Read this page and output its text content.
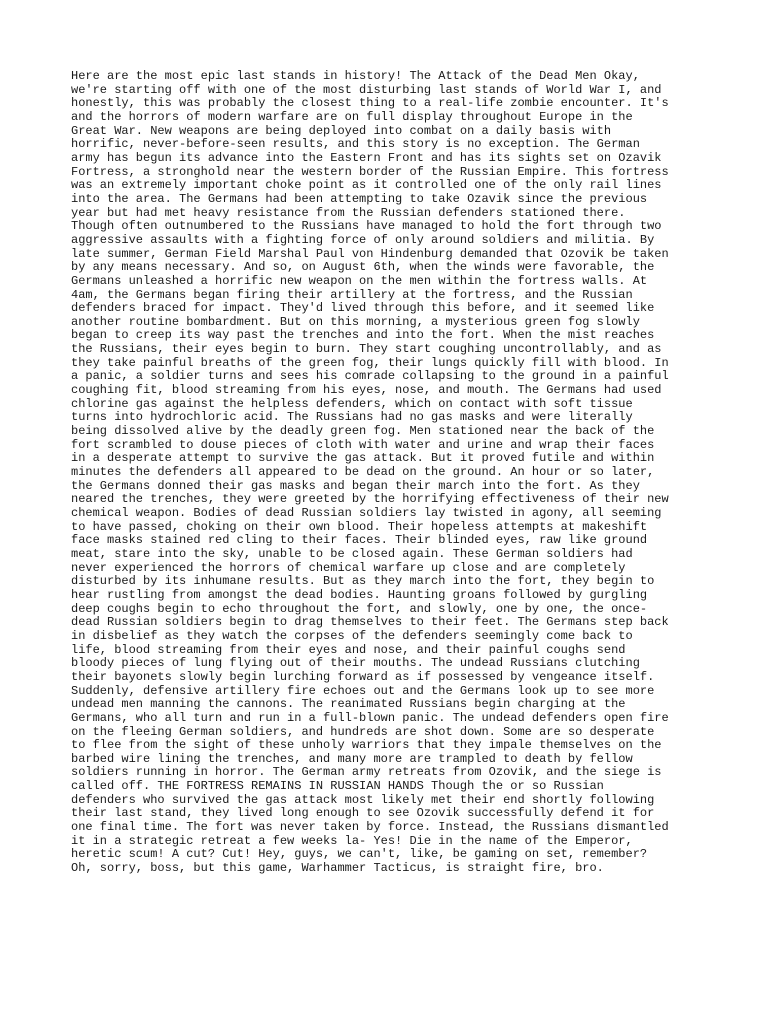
Here are the most epic last stands in history! The Attack of the Dead Men Okay,
we're starting off with one of the most disturbing last stands of World War I, and
honestly, this was probably the closest thing to a real-life zombie encounter. It's
and the horrors of modern warfare are on full display throughout Europe in the
Great War. New weapons are being deployed into combat on a daily basis with
horrific, never-before-seen results, and this story is no exception. The German
army has begun its advance into the Eastern Front and has its sights set on Ozavik
Fortress, a stronghold near the western border of the Russian Empire. This fortress
was an extremely important choke point as it controlled one of the only rail lines
into the area. The Germans had been attempting to take Ozavik since the previous
year but had met heavy resistance from the Russian defenders stationed there.
Though often outnumbered to the Russians have managed to hold the fort through two
aggressive assaults with a fighting force of only around soldiers and militia. By
late summer, German Field Marshal Paul von Hindenburg demanded that Ozovik be taken
by any means necessary. And so, on August 6th, when the winds were favorable, the
Germans unleashed a horrific new weapon on the men within the fortress walls. At
4am, the Germans began firing their artillery at the fortress, and the Russian
defenders braced for impact. They'd lived through this before, and it seemed like
another routine bombardment. But on this morning, a mysterious green fog slowly
began to creep its way past the trenches and into the fort. When the mist reaches
the Russians, their eyes begin to burn. They start coughing uncontrollably, and as
they take painful breaths of the green fog, their lungs quickly fill with blood. In
a panic, a soldier turns and sees his comrade collapsing to the ground in a painful
coughing fit, blood streaming from his eyes, nose, and mouth. The Germans had used
chlorine gas against the helpless defenders, which on contact with soft tissue
turns into hydrochloric acid. The Russians had no gas masks and were literally
being dissolved alive by the deadly green fog. Men stationed near the back of the
fort scrambled to douse pieces of cloth with water and urine and wrap their faces
in a desperate attempt to survive the gas attack. But it proved futile and within
minutes the defenders all appeared to be dead on the ground. An hour or so later,
the Germans donned their gas masks and began their march into the fort. As they
neared the trenches, they were greeted by the horrifying effectiveness of their new
chemical weapon. Bodies of dead Russian soldiers lay twisted in agony, all seeming
to have passed, choking on their own blood. Their hopeless attempts at makeshift
face masks stained red cling to their faces. Their blinded eyes, raw like ground
meat, stare into the sky, unable to be closed again. These German soldiers had
never experienced the horrors of chemical warfare up close and are completely
disturbed by its inhumane results. But as they march into the fort, they begin to
hear rustling from amongst the dead bodies. Haunting groans followed by gurgling
deep coughs begin to echo throughout the fort, and slowly, one by one, the once-
dead Russian soldiers begin to drag themselves to their feet. The Germans step back
in disbelief as they watch the corpses of the defenders seemingly come back to
life, blood streaming from their eyes and nose, and their painful coughs send
bloody pieces of lung flying out of their mouths. The undead Russians clutching
their bayonets slowly begin lurching forward as if possessed by vengeance itself.
Suddenly, defensive artillery fire echoes out and the Germans look up to see more
undead men manning the cannons. The reanimated Russians begin charging at the
Germans, who all turn and run in a full-blown panic. The undead defenders open fire
on the fleeing German soldiers, and hundreds are shot down. Some are so desperate
to flee from the sight of these unholy warriors that they impale themselves on the
barbed wire lining the trenches, and many more are trampled to death by fellow
soldiers running in horror. The German army retreats from Ozovik, and the siege is
called off. THE FORTRESS REMAINS IN RUSSIAN HANDS Though the or so Russian
defenders who survived the gas attack most likely met their end shortly following
their last stand, they lived long enough to see Ozovik successfully defend it for
one final time. The fort was never taken by force. Instead, the Russians dismantled
it in a strategic retreat a few weeks la- Yes! Die in the name of the Emperor,
heretic scum! A cut? Cut! Hey, guys, we can't, like, be gaming on set, remember?
Oh, sorry, boss, but this game, Warhammer Tacticus, is straight fire, bro.
